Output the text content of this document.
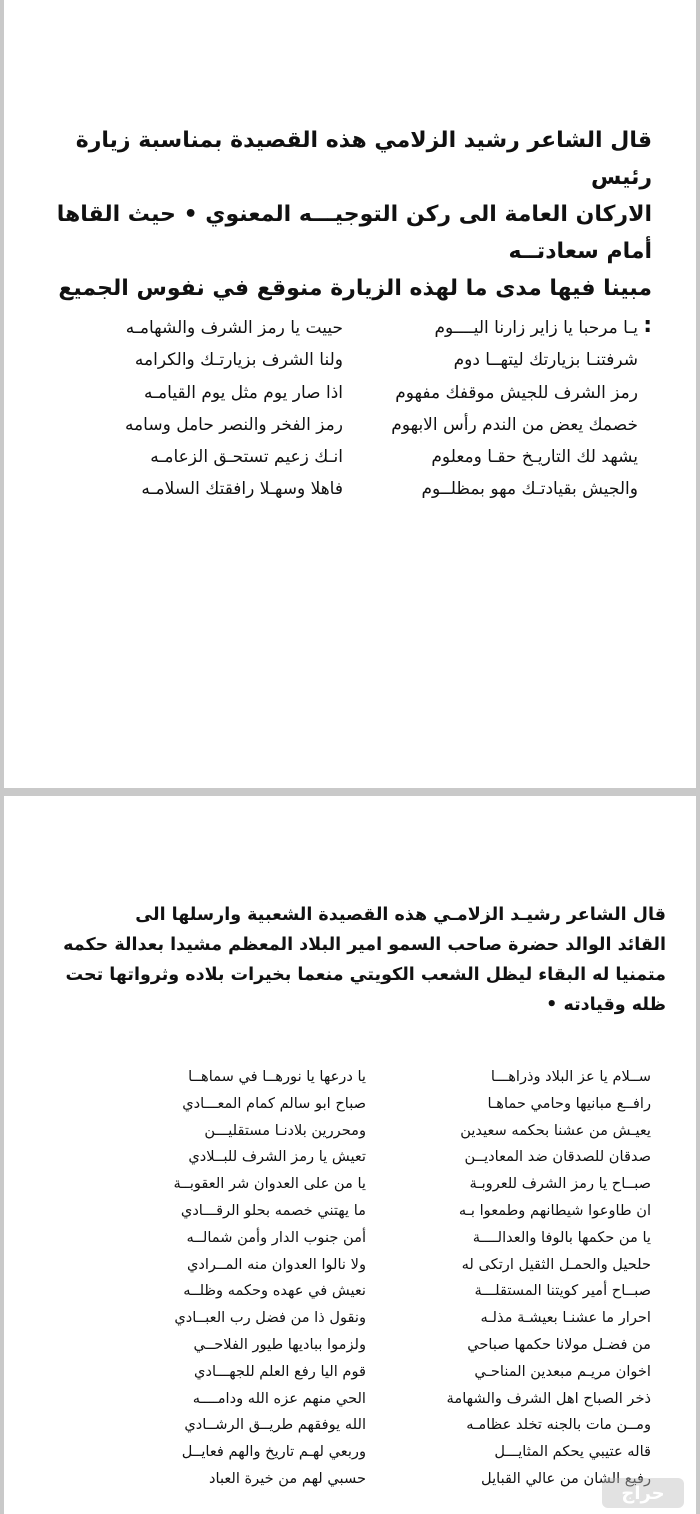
قال الشاعر رشيد الزلامي هذه القصيدة بمناسبة زيارة رئيس
الاركان العامة الى ركن التوجيـــه المعنوي • حيث القاها أمام سعادتــه
مبينا فيها مدى ما لهذه الزيارة منوقع في نفوس الجميع :
يـا مرحبا يا زاير زارنا اليــــوم
شرفتنـا بزيارتك ليتهــا دوم
رمز الشرف للجيش موقفك مفهوم
خصمك يعض من الندم رأس الابهوم
يشهد لك التاريـخ حقـا ومعلوم
والجيش بقيادتـك مهو بمظلــوم
حييت يا رمز الشرف والشهامـه
ولنا الشرف بزيارتـك والكرامه
اذا صار يوم مثل يوم القيامـه
رمز الفخر والنصر حامل وسامه
انـك زعيم تستحـق الزعامـه
فاهلا وسهـلا رافقتك السلامـه
قال الشاعر رشيـد الزلامـي هذه القصيدة الشعبية وارسلها الى
القائد الوالد حضرة صاحب السمو امير البلاد المعظم مشيدا بعدالة حكمه
متمنيا له البقاء ليظل الشعب الكويتي منعما بخيرات بلاده وثرواتها تحت
ظله وقيادته •
ســلام يا عز البلاد وذراهـــا
رافــع مبانيها وحامي حماهـا
يعيـش من عشنا بحكمه سعيدين
صدقان للصدقان ضد المعاديــن
صبــاح يا رمز الشرف للعروبـة
ان طاوعوا شيطانهم وطمعوا بـه
يا من حكمها بالوفا والعدالــــة
حلحيل والحمـل الثقيل ارتكى له
صبــاح أمير كويتنا المستقلـــة
احرار ما عشنـا بعيشـة مذلـه
من فضـل مولانا حكمها صباحي
اخوان مريـم مبعدين المناحـي
ذخر الصباح اهل الشرف والشهامة
ومــن مات بالجنه تخلد عظامـه
قاله عتيبي يحكم المثايـــل
رفيع الشان من عالي القبايل
يا درعها يا نورهــا في سماهــا
صباح ابو سالم كمام المعـــادي
ومحررين بلادنـا مستقليـــن
تعيش يا رمز الشرف للبــلادي
يا من على العدوان شر العقوبــة
ما يهتني خصمه بحلو الرقـــادي
أمن جنوب الدار وأمن شمالــه
ولا نالوا العدوان منه المــرادي
نعيش في عهده وحكمه وظلــه
ونقول ذا من فضل رب العبــادي
ولزموا بباديها طيور الفلاحــي
قوم اليا رفع العلم للجهـــادي
الحي منهم عزه الله ودامــــه
الله يوفقهم طريــق الرشــادي
وربعي لهـم تاريخ والهم فعايــل
حسبي لهم من خيرة العباد
حراج
